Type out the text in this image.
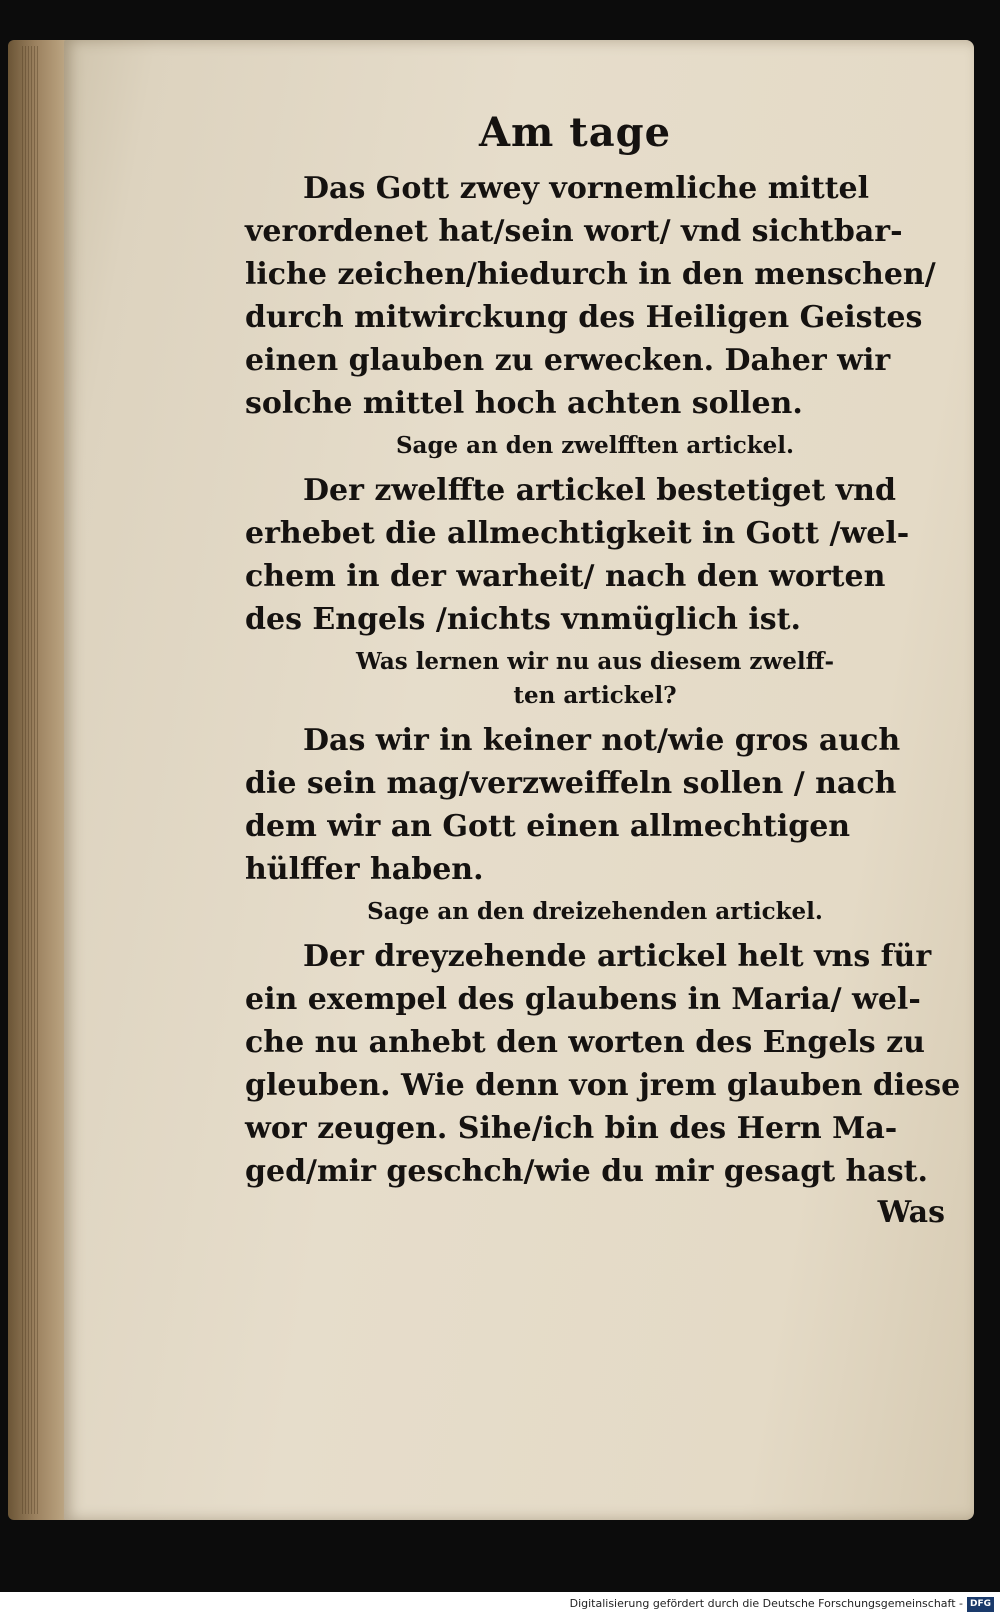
Am tage

Das Gott zwey vornemliche mittel
verordenet hat/sein wort/ vnd sichtbar-
liche zeichen/hiedurch in den menschen/
durch mitwirckung des Heiligen Geistes
einen glauben zu erwecken. Daher wir
solche mittel hoch achten sollen.

Sage an den zwelfften artickel.

Der zwelffte artickel bestetiget vnd
erhebet die allmechtigkeit in Gott /wel-
chem in der warheit/ nach den worten
des Engels /nichts vnmüglich ist.

Was lernen wir nu aus diesem zwelff-
ten artickel?

Das wir in keiner not/wie gros auch
die sein mag/verzweiffeln sollen / nach
dem wir an Gott einen allmechtigen
hülffer haben.

Sage an den dreizehenden artickel.

Der dreyzehende artickel helt vns für
ein exempel des glaubens in Maria/ wel-
che nu anhebt den worten des Engels zu
gleuben. Wie denn von jrem glauben diese
wor zeugen. Sihe/ich bin des Hern Ma-
ged/mir geschch/wie du mir gesagt hast.

Was

Digitalisierung gefördert durch die Deutsche Forschungsgemeinschaft - DFG
